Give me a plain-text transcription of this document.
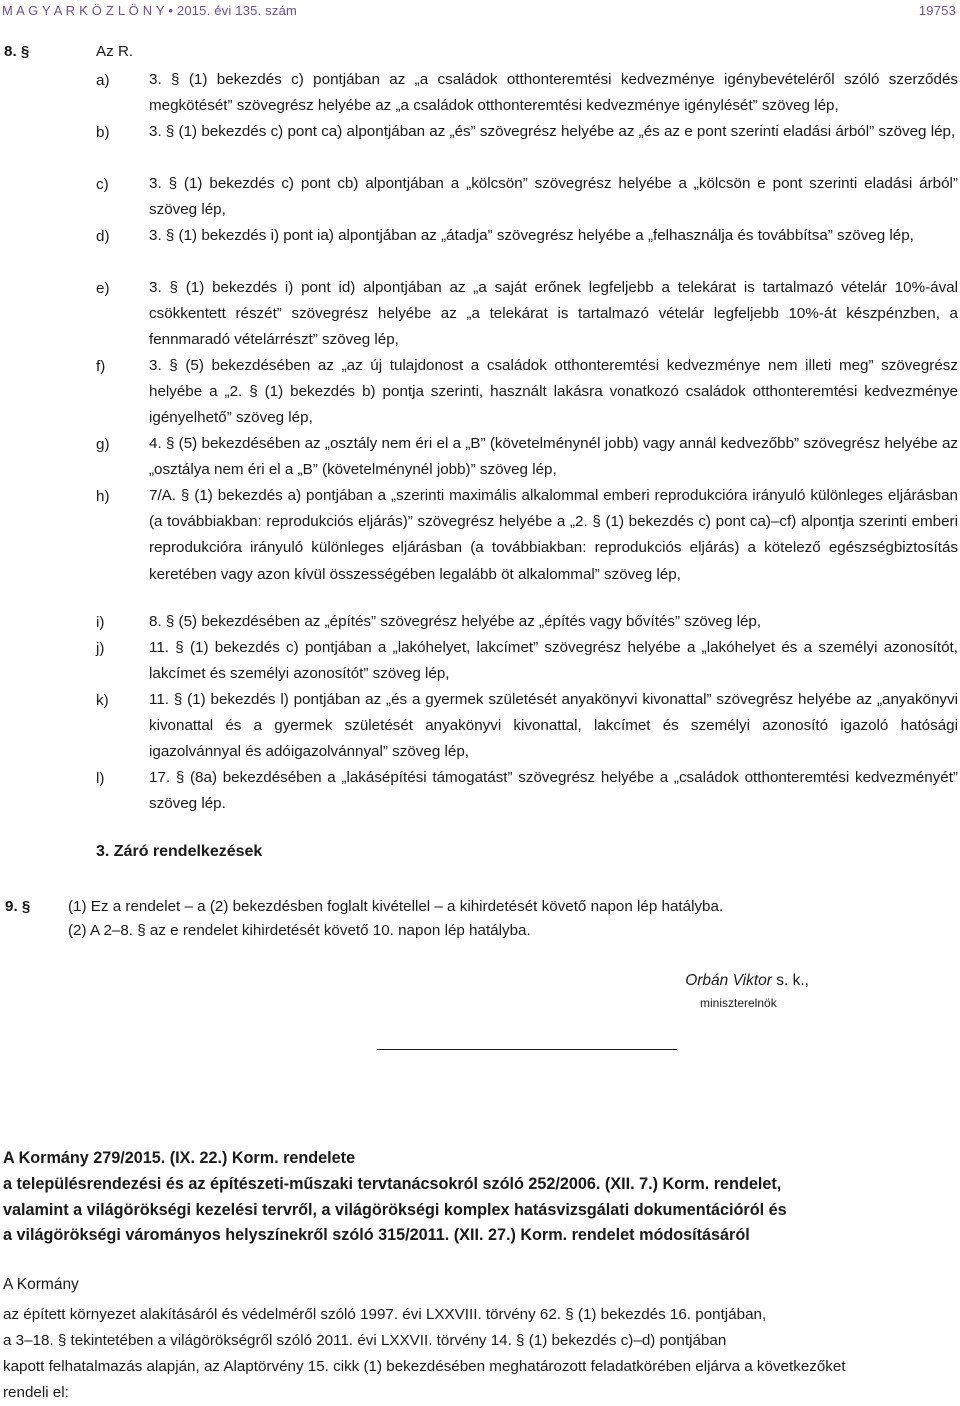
M A G Y A R K Ö Z L Ö N Y • 2015. évi 135. szám	19753
8. §	Az R.
a)	3. § (1) bekezdés c) pontjában az „a családok otthonteremtési kedvezménye igénybevételéről szóló szerződés megkötését” szövegrész helyébe az „a családok otthonteremtési kedvezménye igénylését” szöveg lép,
b)	3. § (1) bekezdés c) pont ca) alpontjában az „és” szövegrész helyébe az „és az e pont szerinti eladási árból” szöveg lép,
c)	3. § (1) bekezdés c) pont cb) alpontjában a „kölcsön” szövegrész helyébe a „kölcsön e pont szerinti eladási árból” szöveg lép,
d)	3. § (1) bekezdés i) pont ia) alpontjában az „átadja” szövegrész helyébe a „felhasználja és továbbítsa” szöveg lép,
e)	3. § (1) bekezdés i) pont id) alpontjában az „a saját erőnek legfeljebb a telekárat is tartalmazó vételár 10%-ával csökkentett részét” szövegrész helyébe az „a telekárat is tartalmazó vételár legfeljebb 10%-át készpénzben, a fennmaradó vételárrészt” szöveg lép,
f)	3. § (5) bekezdésében az „az új tulajdonost a családok otthonteremtési kedvezménye nem illeti meg” szövegrész helyébe a „2. § (1) bekezdés b) pontja szerinti, használt lakásra vonatkozó családok otthonteremtési kedvezménye igényelhető” szöveg lép,
g)	4. § (5) bekezdésében az „osztály nem éri el a „B” (követelménynél jobb) vagy annál kedvezőbb” szövegrész helyébe az „osztálya nem éri el a „B” (követelménynél jobb)” szöveg lép,
h)	7/A. § (1) bekezdés a) pontjában a „szerinti maximális alkalommal emberi reprodukcióra irányuló különleges eljárásban (a továbbiakban: reprodukciós eljárás)” szövegrész helyébe a „2. § (1) bekezdés c) pont ca)–cf) alpontja szerinti emberi reprodukcióra irányuló különleges eljárásban (a továbbiakban: reprodukciós eljárás) a kötelező egészségbiztosítás keretében vagy azon kívül összességében legalább öt alkalommal” szöveg lép,
i)	8. § (5) bekezdésében az „építés” szövegrész helyébe az „építés vagy bővítés” szöveg lép,
j)	11. § (1) bekezdés c) pontjában a „lakóhelyet, lakcímet” szövegrész helyébe a „lakóhelyet és a személyi azonosítót, lakcímet és személyi azonosítót” szöveg lép,
k)	11. § (1) bekezdés l) pontjában az „és a gyermek születését anyakönyvi kivonattal” szövegrész helyébe az „anyakönyvi kivonattal és a gyermek születését anyakönyvi kivonattal, lakcímet és személyi azonosító igazoló hatósági igazolvánnyal és adóigazolvánnyal” szöveg lép,
l)	17. § (8a) bekezdésében a „lakásépítési támogatást” szövegrész helyébe a „családok otthonteremtési kedvezményét” szöveg lép.
3. Záró rendelkezések
9. § (1) Ez a rendelet – a (2) bekezdésben foglalt kivétellel – a kihirdetését követő napon lép hatályba.
(2) A 2–8. § az e rendelet kihirdetését követő 10. napon lép hatályba.
Orbán Viktor s. k.,
miniszterelnök
A Kormány 279/2015. (IX. 22.) Korm. rendelete
a településrendezési és az építészeti-műszaki tervtanácsokról szóló 252/2006. (XII. 7.) Korm. rendelet,
valamint a világörökségi kezelési tervről, a világörökségi komplex hatásvizsgálati dokumentációról és
a világörökségi várományos helyszínekről szóló 315/2011. (XII. 27.) Korm. rendelet módosításáról
A Kormány
az épített környezet alakításáról és védelméről szóló 1997. évi LXXVIII. törvény 62. § (1) bekezdés 16. pontjában,
a 3–18. § tekintetében a világörökségről szóló 2011. évi LXXVII. törvény 14. § (1) bekezdés c)–d) pontjában
kapott felhatalmazás alapján, az Alaptörvény 15. cikk (1) bekezdésében meghatározott feladatkörében eljárva a következőket
rendeli el:
